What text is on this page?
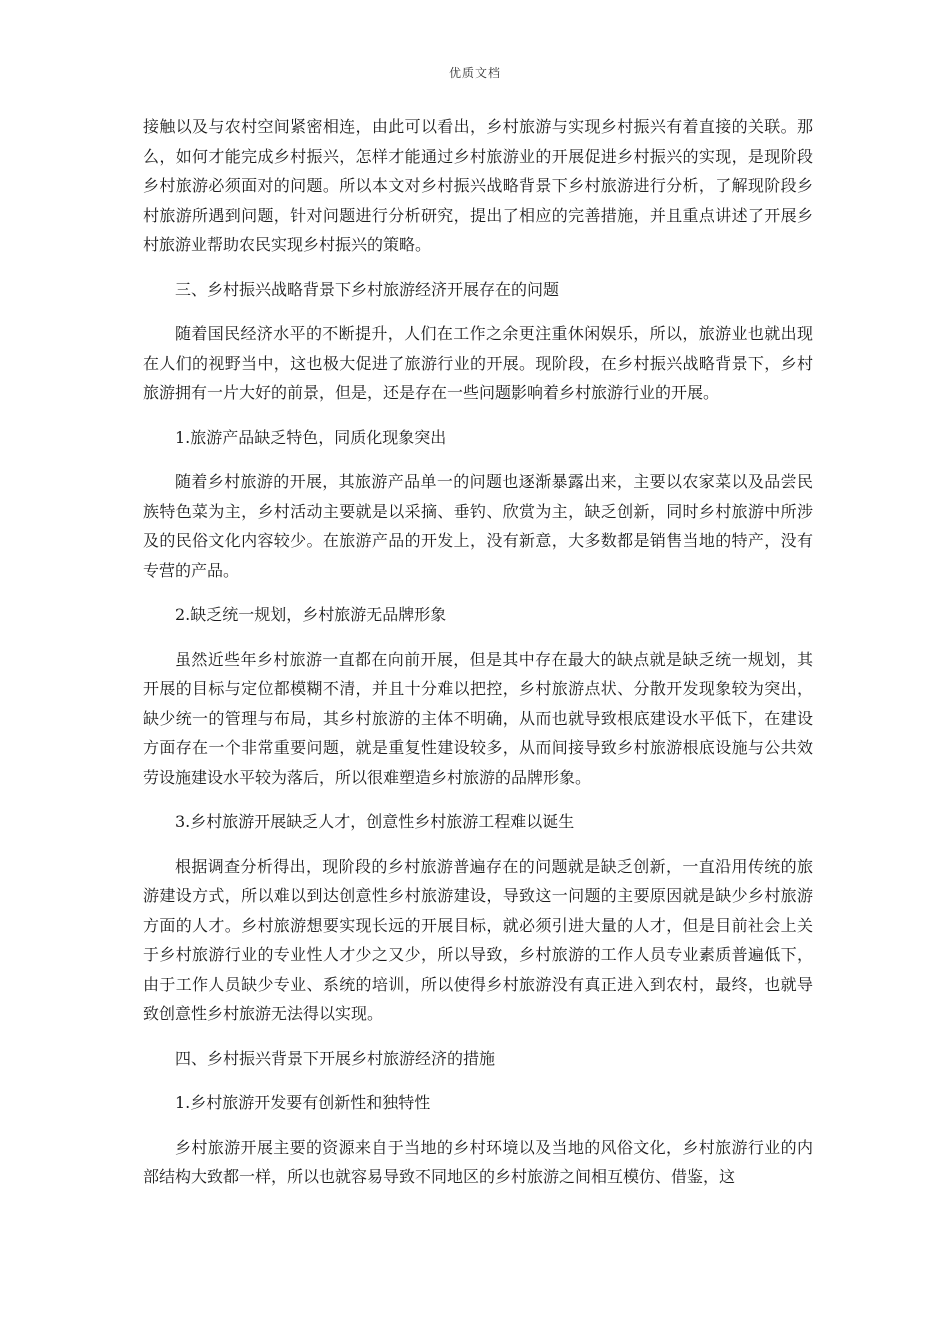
优质文档

接触以及与农村空间紧密相连，由此可以看出，乡村旅游与实现乡村振兴有着直接的关联。那么，如何才能完成乡村振兴，怎样才能通过乡村旅游业的开展促进乡村振兴的实现，是现阶段乡村旅游必须面对的问题。所以本文对乡村振兴战略背景下乡村旅游进行分析，了解现阶段乡村旅游所遇到问题，针对问题进行分析研究，提出了相应的完善措施，并且重点讲述了开展乡村旅游业帮助农民实现乡村振兴的策略。

三、乡村振兴战略背景下乡村旅游经济开展存在的问题

随着国民经济水平的不断提升，人们在工作之余更注重休闲娱乐，所以，旅游业也就出现在人们的视野当中，这也极大促进了旅游行业的开展。现阶段，在乡村振兴战略背景下，乡村旅游拥有一片大好的前景，但是，还是存在一些问题影响着乡村旅游行业的开展。

1.旅游产品缺乏特色，同质化现象突出

随着乡村旅游的开展，其旅游产品单一的问题也逐渐暴露出来，主要以农家菜以及品尝民族特色菜为主，乡村活动主要就是以采摘、垂钓、欣赏为主，缺乏创新，同时乡村旅游中所涉及的民俗文化内容较少。在旅游产品的开发上，没有新意，大多数都是销售当地的特产，没有专营的产品。

2.缺乏统一规划，乡村旅游无品牌形象

虽然近些年乡村旅游一直都在向前开展，但是其中存在最大的缺点就是缺乏统一规划，其开展的目标与定位都模糊不清，并且十分难以把控，乡村旅游点状、分散开发现象较为突出，缺少统一的管理与布局，其乡村旅游的主体不明确，从而也就导致根底建设水平低下，在建设方面存在一个非常重要问题，就是重复性建设较多，从而间接导致乡村旅游根底设施与公共效劳设施建设水平较为落后，所以很难塑造乡村旅游的品牌形象。

3.乡村旅游开展缺乏人才，创意性乡村旅游工程难以诞生

根据调查分析得出，现阶段的乡村旅游普遍存在的问题就是缺乏创新，一直沿用传统的旅游建设方式，所以难以到达创意性乡村旅游建设，导致这一问题的主要原因就是缺少乡村旅游方面的人才。乡村旅游想要实现长远的开展目标，就必须引进大量的人才，但是目前社会上关于乡村旅游行业的专业性人才少之又少，所以导致，乡村旅游的工作人员专业素质普遍低下，由于工作人员缺少专业、系统的培训，所以使得乡村旅游没有真正进入到农村，最终，也就导致创意性乡村旅游无法得以实现。

四、乡村振兴背景下开展乡村旅游经济的措施

1.乡村旅游开发要有创新性和独特性

乡村旅游开展主要的资源来自于当地的乡村环境以及当地的风俗文化，乡村旅游行业的内部结构大致都一样，所以也就容易导致不同地区的乡村旅游之间相互模仿、借鉴，这
